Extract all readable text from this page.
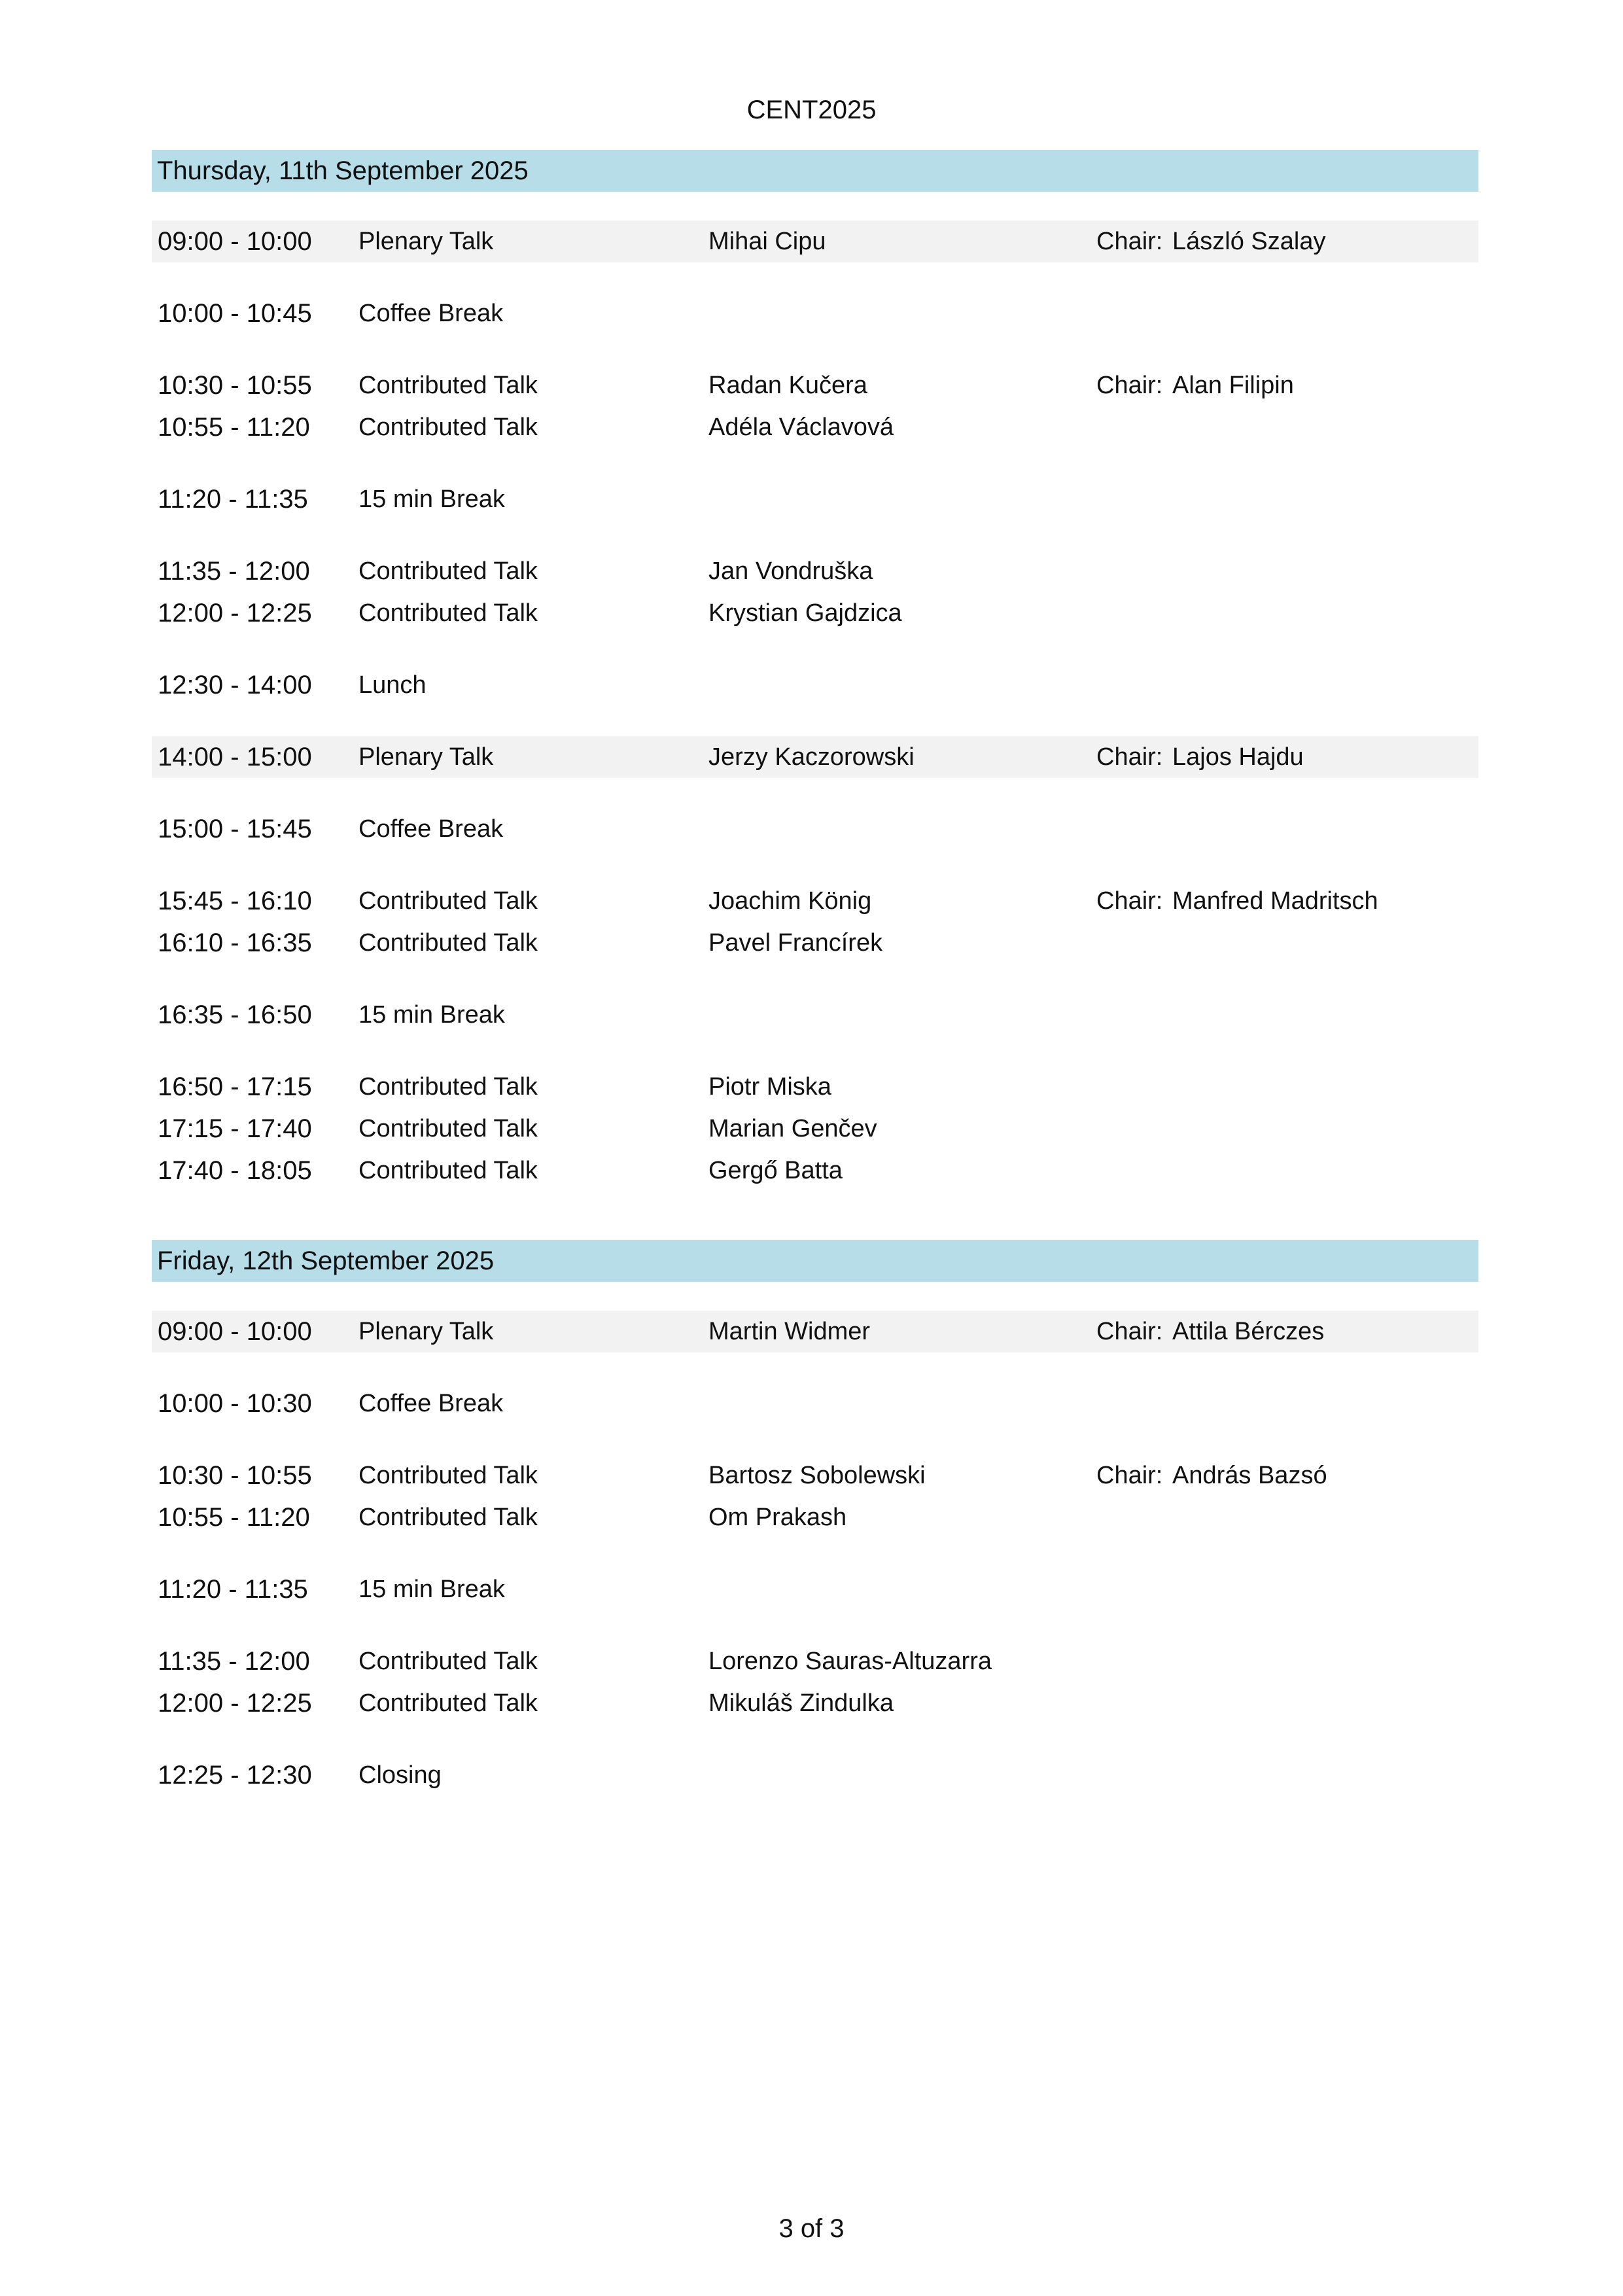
CENT2025
Thursday, 11th September 2025
09:00 - 10:00 Plenary Talk	Mihai Cipu	Chair: László Szalay
10:00 - 10:45 Coffee Break
10:30 - 10:55 Contributed Talk	Radan Kučera	Chair: Alan Filipin
10:55 - 11:20 Contributed Talk	Adéla Václavová
11:20 - 11:35 15 min Break
11:35 - 12:00 Contributed Talk	Jan Vondruška
12:00 - 12:25 Contributed Talk	Krystian Gajdzica
12:30 - 14:00 Lunch
14:00 - 15:00 Plenary Talk	Jerzy Kaczorowski	Chair: Lajos Hajdu
15:00 - 15:45 Coffee Break
15:45 - 16:10 Contributed Talk	Joachim König	Chair: Manfred Madritsch
16:10 - 16:35 Contributed Talk	Pavel Francírek
16:35 - 16:50 15 min Break
16:50 - 17:15 Contributed Talk	Piotr Miska
17:15 - 17:40 Contributed Talk	Marian Genčev
17:40 - 18:05 Contributed Talk	Gergő Batta
Friday, 12th September 2025
09:00 - 10:00 Plenary Talk	Martin Widmer	Chair: Attila Bérczes
10:00 - 10:30 Coffee Break
10:30 - 10:55 Contributed Talk	Bartosz Sobolewski	Chair: András Bazsó
10:55 - 11:20 Contributed Talk	Om Prakash
11:20 - 11:35 15 min Break
11:35 - 12:00 Contributed Talk	Lorenzo Sauras-Altuzarra
12:00 - 12:25 Contributed Talk	Mikuláš Zindulka
12:25 - 12:30 Closing
3 of 3
